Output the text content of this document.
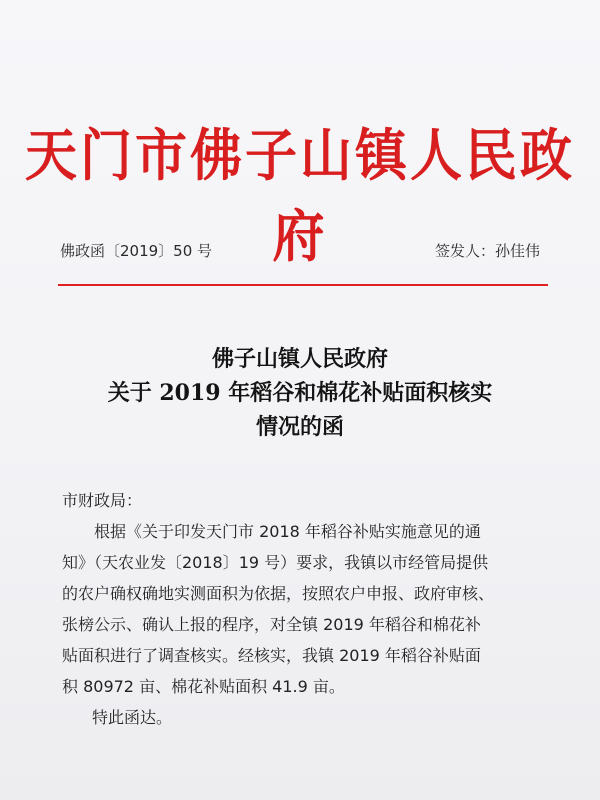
天门市佛子山镇人民政府
佛政函〔2019〕50 号	签发人：孙佳伟
佛子山镇人民政府
关于 2019 年稻谷和棉花补贴面积核实
情况的函
市财政局：
　　根据《关于印发天门市 2018 年稻谷补贴实施意见的通
知》（天农业发〔2018〕19 号）要求，我镇以市经管局提供
的农户确权确地实测面积为依据，按照农户申报、政府审核、
张榜公示、确认上报的程序，对全镇 2019 年稻谷和棉花补
贴面积进行了调查核实。经核实，我镇 2019 年稻谷补贴面
积 80972 亩、棉花补贴面积 41.9 亩。
特此函达。
